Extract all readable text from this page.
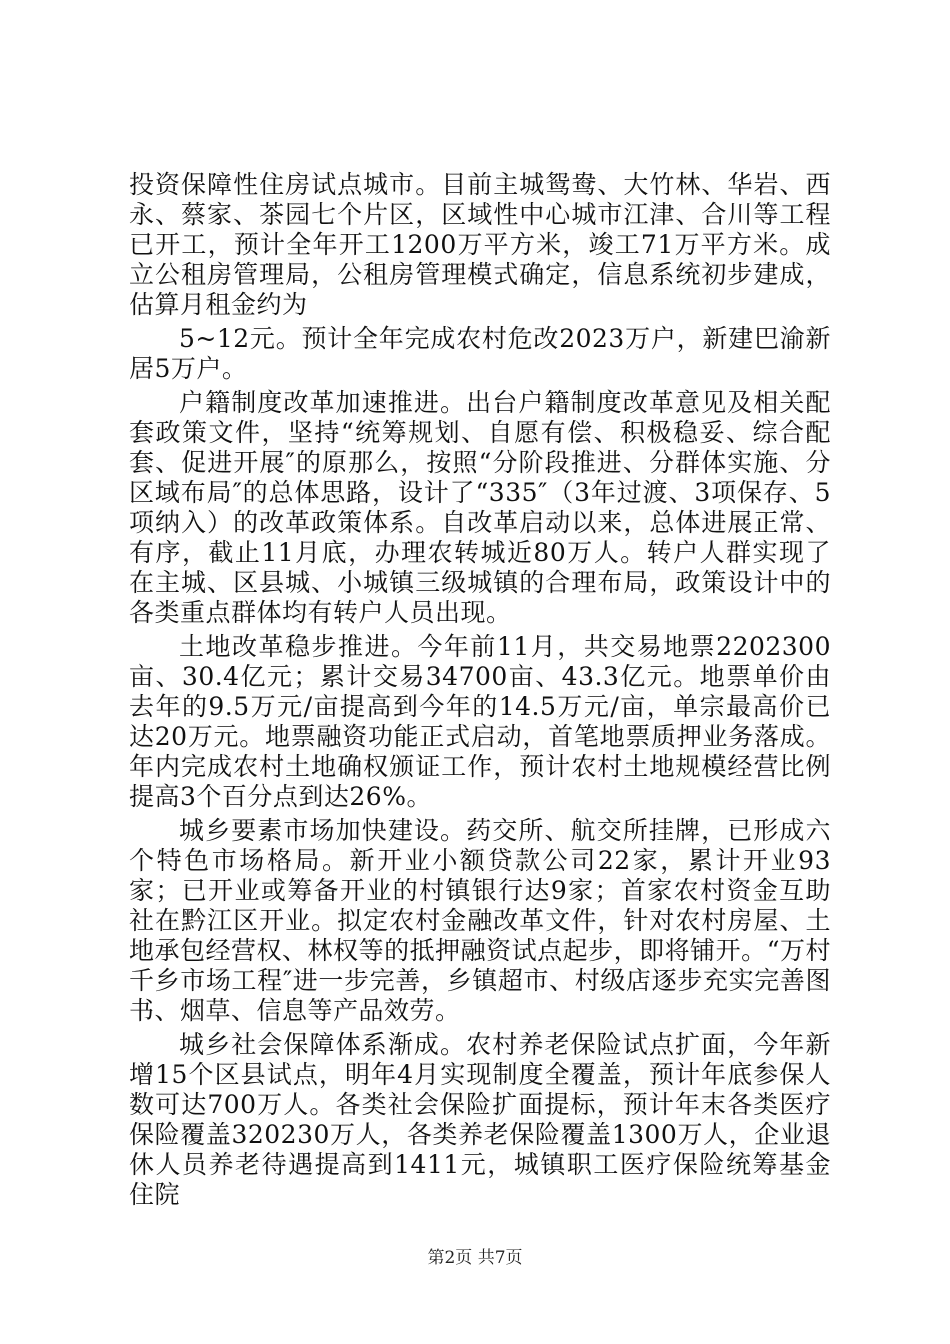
投资保障性住房试点城市。目前主城鸳鸯、大竹林、华岩、西永、蔡家、茶园七个片区，区域性中心城市江津、合川等工程已开工，预计全年开工1200万平方米，竣工71万平方米。成立公租房管理局，公租房管理模式确定，信息系统初步建成，估算月租金约为

5~12元。预计全年完成农村危改2023万户，新建巴渝新居5万户。

户籍制度改革加速推进。出台户籍制度改革意见及相关配套政策文件，坚持“统筹规划、自愿有偿、积极稳妥、综合配套、促进开展″的原那么，按照“分阶段推进、分群体实施、分区域布局″的总体思路，设计了“335″（3年过渡、3项保存、5项纳入）的改革政策体系。自改革启动以来，总体进展正常、有序，截止11月底，办理农转城近80万人。转户人群实现了在主城、区县城、小城镇三级城镇的合理布局，政策设计中的各类重点群体均有转户人员出现。

土地改革稳步推进。今年前11月，共交易地票2202300亩、30.4亿元；累计交易34700亩、43.3亿元。地票单价由去年的9.5万元/亩提高到今年的14.5万元/亩，单宗最高价已达20万元。地票融资功能正式启动，首笔地票质押业务落成。年内完成农村土地确权颁证工作，预计农村土地规模经营比例提高3个百分点到达26%。

城乡要素市场加快建设。药交所、航交所挂牌，已形成六个特色市场格局。新开业小额贷款公司22家，累计开业93家；已开业或筹备开业的村镇银行达9家；首家农村资金互助社在黔江区开业。拟定农村金融改革文件，针对农村房屋、土地承包经营权、林权等的抵押融资试点起步，即将铺开。“万村千乡市场工程″进一步完善，乡镇超市、村级店逐步充实完善图书、烟草、信息等产品效劳。

城乡社会保障体系渐成。农村养老保险试点扩面，今年新增15个区县试点，明年4月实现制度全覆盖，预计年底参保人数可达700万人。各类社会保险扩面提标，预计年末各类医疗保险覆盖320230万人，各类养老保险覆盖1300万人，企业退休人员养老待遇提高到1411元，城镇职工医疗保险统筹基金住院

第2页 共7页
